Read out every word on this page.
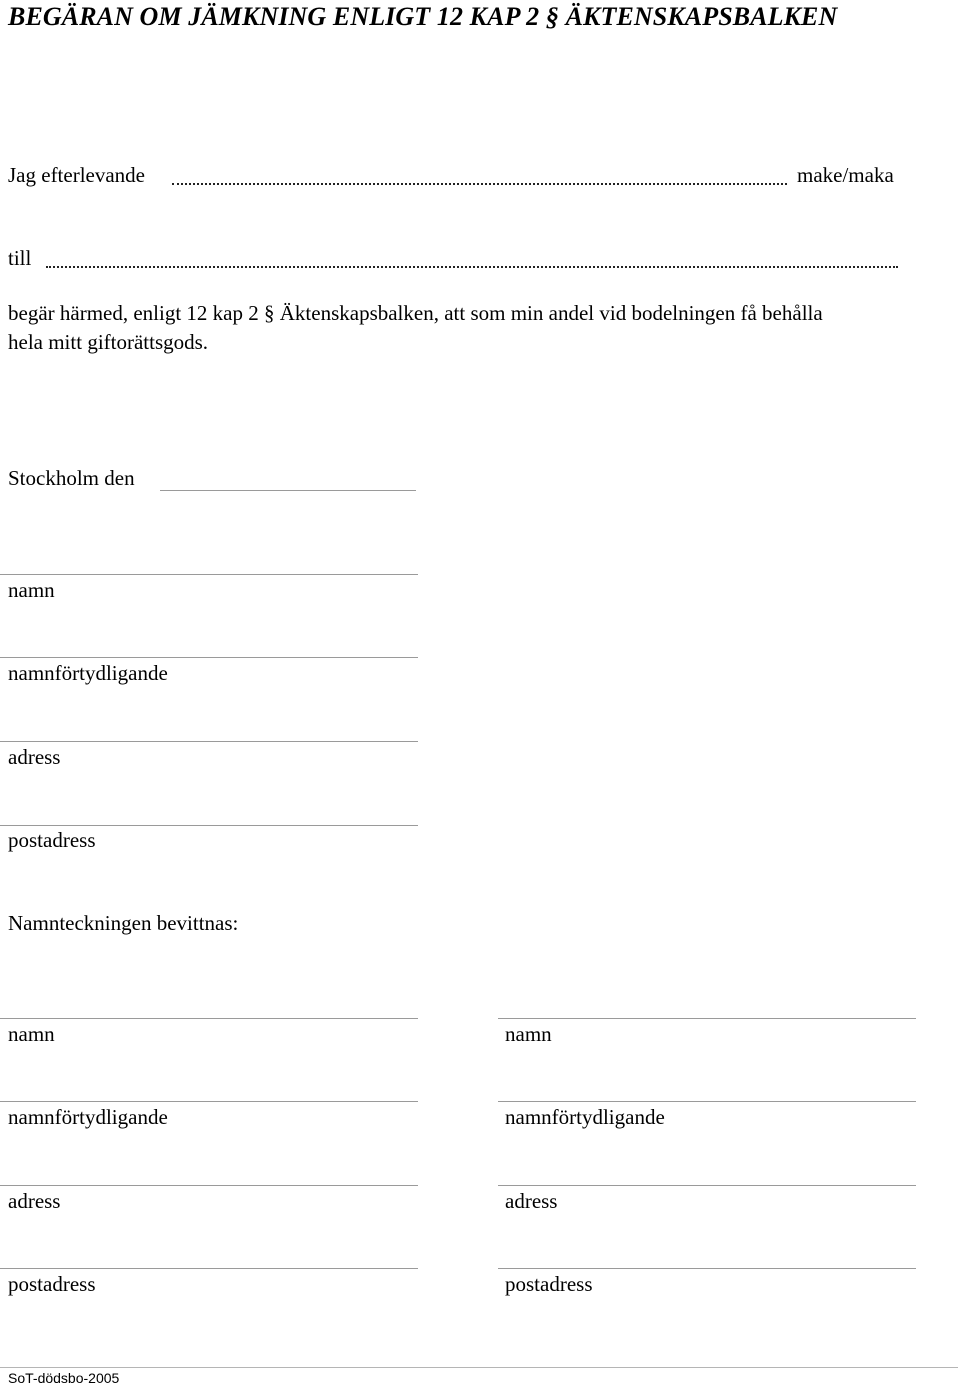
BEGÄRAN OM JÄMKNING ENLIGT 12 KAP 2 § ÄKTENSKAPSBALKEN
Jag efterlevande	make/maka
till
begär härmed, enligt 12 kap 2 § Äktenskapsbalken, att som min andel vid bodelningen få behålla
hela mitt giftorättsgods.
Stockholm den
namn
namnförtydligande
adress
postadress
Namnteckningen bevittnas:
namn
namnförtydligande
adress
postadress
namn
namnförtydligande
adress
postadress
SoT-dödsbo-2005
